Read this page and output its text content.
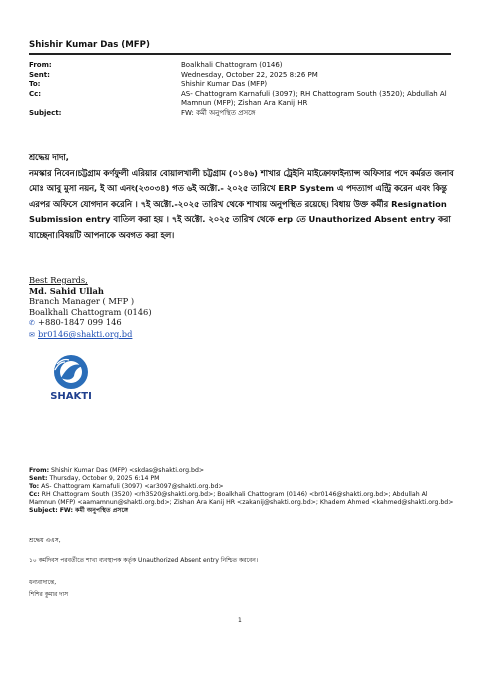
Shishir Kumar Das (MFP)
From:	Boalkhali Chattogram (0146)
Sent:	Wednesday, October 22, 2025 8:26 PM
To:	Shishir Kumar Das (MFP)
Cc:	AS- Chattogram Karnafuli (3097); RH Chattogram South (3520); Abdullah Al Mamnun (MFP); Zishan Ara Kanij HR
Subject:	FW: কর্মী অনুপস্থিত প্রসঙ্গে
শ্রদ্ধেয় দাদা,
নমস্কার নিবেন।চট্টগ্রাম কর্ণফুলী এরিয়ার বোয়ালখালী চট্টগ্রাম (০১৪৬) শাখার ট্রেইনি মাইক্রোফাইন্যান্স অফিসার পদে কর্মরত জনাব মোঃ আবু মুসা নয়ন, ই আ এনং(২৩০৩৪) গত ৬ই অক্টো.- ২০২৫ তারিখে ERP System এ পদত্যাগ এন্ট্রি করেন এবং কিন্তু এরপর অফিসে যোগদান করেনি । ৭ই অক্টো.-২০২৫ তারিখ থেকে শাখায় অনুপস্থিত রয়েছে। বিধায় উক্ত কর্মীর Resignation Submission entry বাতিল করা হয় । ৭ই অক্টো. ২০২৫ তারিখ থেকে erp তে Unauthorized Absent entry করা যাচ্ছেনা।বিষয়টি আপনাকে অবগত করা হল।
Best Regards,
Md. Sahid Ullah
Branch Manager ( MFP )
Boalkhali Chattogram (0146)
✆ +880-1847 099 146
✉ br0146@shakti.org.bd
SHAKTI
From: Shishir Kumar Das (MFP) <skdas@shakti.org.bd>
Sent: Thursday, October 9, 2025 6:14 PM
To: AS- Chattogram Karnafuli (3097) <ar3097@shakti.org.bd>
Cc: RH Chattogram South (3520) <rh3520@shakti.org.bd>; Boalkhali Chattogram (0146) <br0146@shakti.org.bd>; Abdullah Al Mamnun (MFP) <aamamnun@shakti.org.bd>; Zishan Ara Kanij HR <zakanij@shakti.org.bd>; Khadem Ahmed <kahmed@shakti.org.bd>
Subject: FW: কর্মী অনুপস্থিত প্রসঙ্গে

শ্রদ্ধেয় এএস,

১০ কর্মদিবস পরবর্তীতে শাখা ব্যবস্থাপক কর্তৃক Unauthorized Absent entry নিশ্চিত করবেন।

ধন্যবাদান্তে,

শিশির কুমার দাস

1
